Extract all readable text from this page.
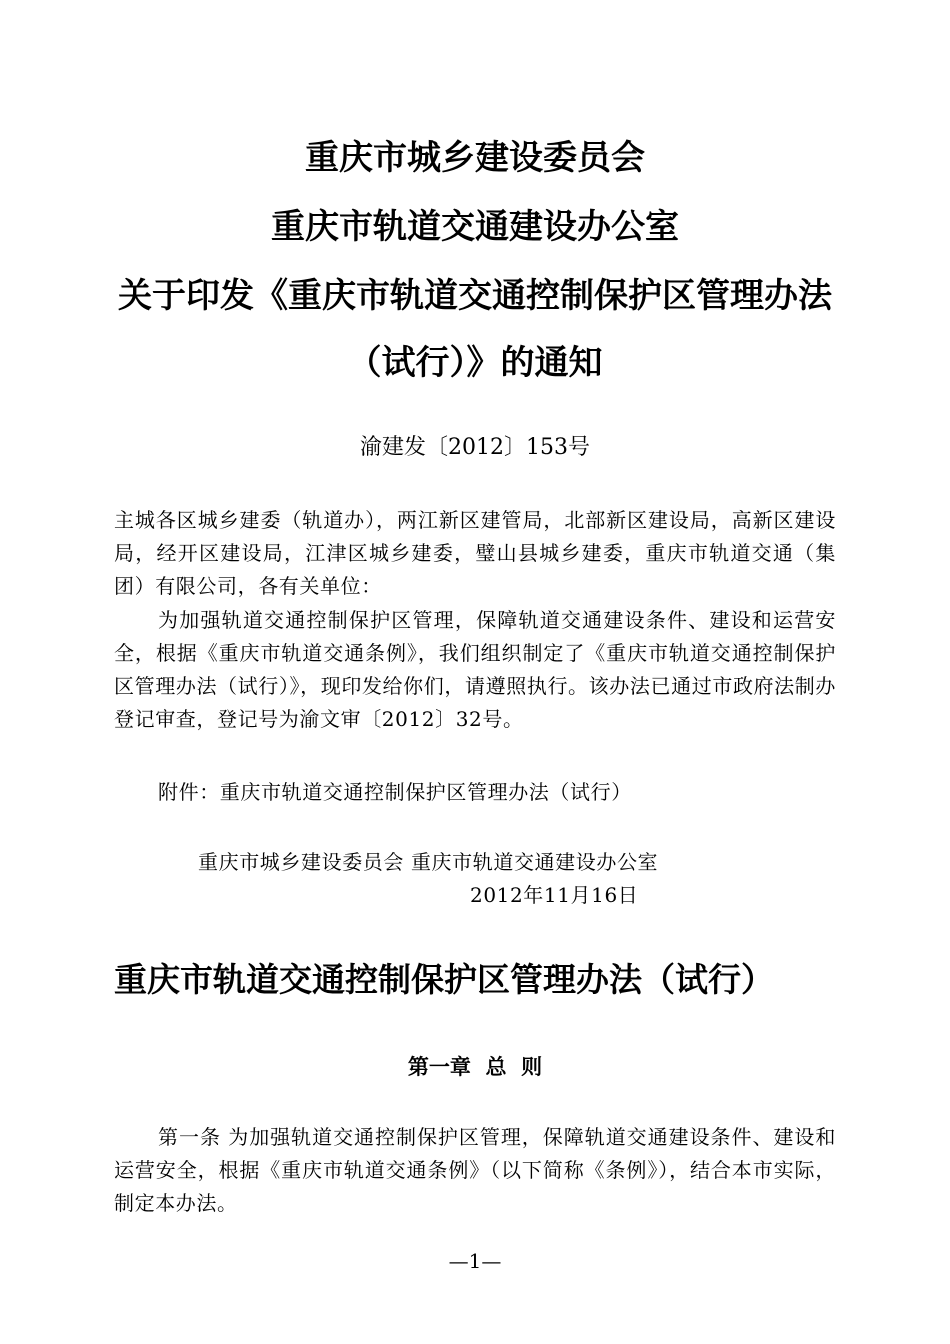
重庆市城乡建设委员会
重庆市轨道交通建设办公室
关于印发《重庆市轨道交通控制保护区管理办法
（试行）》的通知
渝建发〔2012〕153号
主城各区城乡建委（轨道办），两江新区建管局，北部新区建设局，高新区建设局，经开区建设局，江津区城乡建委，璧山县城乡建委，重庆市轨道交通（集团）有限公司，各有关单位：
为加强轨道交通控制保护区管理，保障轨道交通建设条件、建设和运营安全，根据《重庆市轨道交通条例》，我们组织制定了《重庆市轨道交通控制保护区管理办法（试行）》，现印发给你们，请遵照执行。该办法已通过市政府法制办登记审查，登记号为渝文审〔2012〕32号。
附件：重庆市轨道交通控制保护区管理办法（试行）
重庆市城乡建设委员会 重庆市轨道交通建设办公室
2012年11月16日
重庆市轨道交通控制保护区管理办法（试行）
第一章  总  则
第一条 为加强轨道交通控制保护区管理，保障轨道交通建设条件、建设和运营安全，根据《重庆市轨道交通条例》（以下简称《条例》），结合本市实际，制定本办法。
—1—
